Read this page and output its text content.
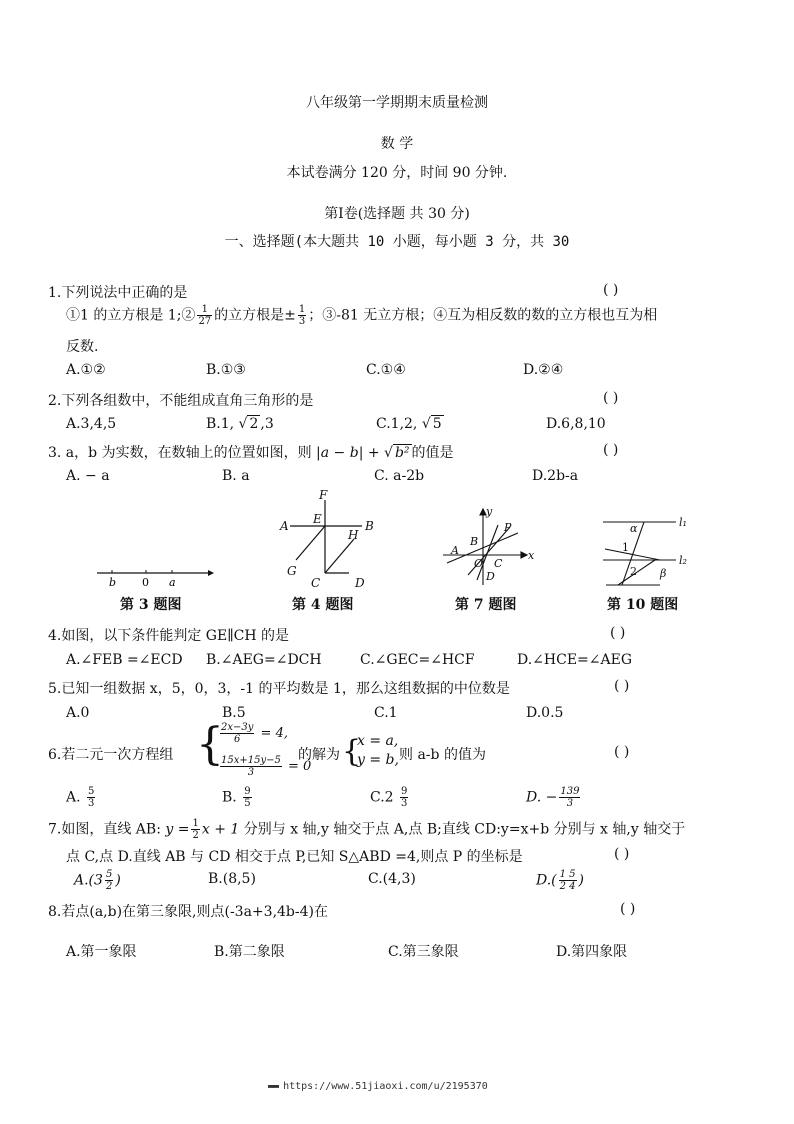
八年级第一学期期末质量检测
数 学
本试卷满分 120 分，时间 90 分钟.
第Ⅰ卷(选择题 共 30 分)
一、选择题(本大题共 10 小题，每小题 3 分，共 30
1.下列说法中正确的是	( )
①1 的立方根是 1;② $\frac{1}{27}$ 的立方根是± $\frac{1}{3}$ ；③-81 无立方根；④互为相反数的数的立方根也互为相
反数.
A.①②	B.①③	C.①④	D.②④
2.下列各组数中，不能组成直角三角形的是	( )
A.3,4,5	B.1, √ 2 ,3	C.1,2, √ 5	D.6,8,10
3. a，b 为实数，在数轴上的位置如图，则 |a − b| + √ b² 的值是	( )
A. − a	B. a	C. a-2b	D.2b-a
b 0 a
F
A E	B
H
G
C	D
y
P
A
B
O C
D
x
α	l₁
1
l₂
2 β
第 3 题图	第 4 题图	第 7 题图	第 10 题图
4.如图，以下条件能判定 GE∥CH 的是	( )
A.∠FEB =∠ECD B.∠AEG=∠DCH	C.∠GEC=∠HCF	D.∠HCE=∠AEG
5.已知一组数据 x，5，0，3，-1 的平均数是 1，那么这组数据的中位数是	( )
A.0	B.5	C.1	D.0.5
6.若二元一次方程组 {
$\frac{2x-3y}{6} = 4$,
$\frac{15x+15y-5}{3} = 0$
的解为 {
x = a,
y = b, 则 a-b 的值为	( )
A. $\frac{5}{3}$	B. $\frac{9}{5}$	$C.2 \frac{9}{3}$	D. − $\frac{139}{3}$
7.如图，直线 AB: $y = \frac{1}{2}$ x + 1 分别与 x 轴,y 轴交于点 A,点 B;直线 CD:y=x+b 分别与 x 轴,y 轴交于
点 C,点 D.直线 AB 与 CD 相交于点 P,已知 S△ABD =4,则点 P 的坐标是	( )
$A.(3 \frac{5}{2}$ )	B.(8,5)	C.(4,3)	$D.( \frac{1 5}{2 4}$ )
8.若点(a,b)在第三象限,则点(-3a+3,4b-4)在	( )
A.第一象限	B.第二象限	C.第三象限	D.第四象限
▬▬ https://www.51jiaoxi.com/u/2195370
